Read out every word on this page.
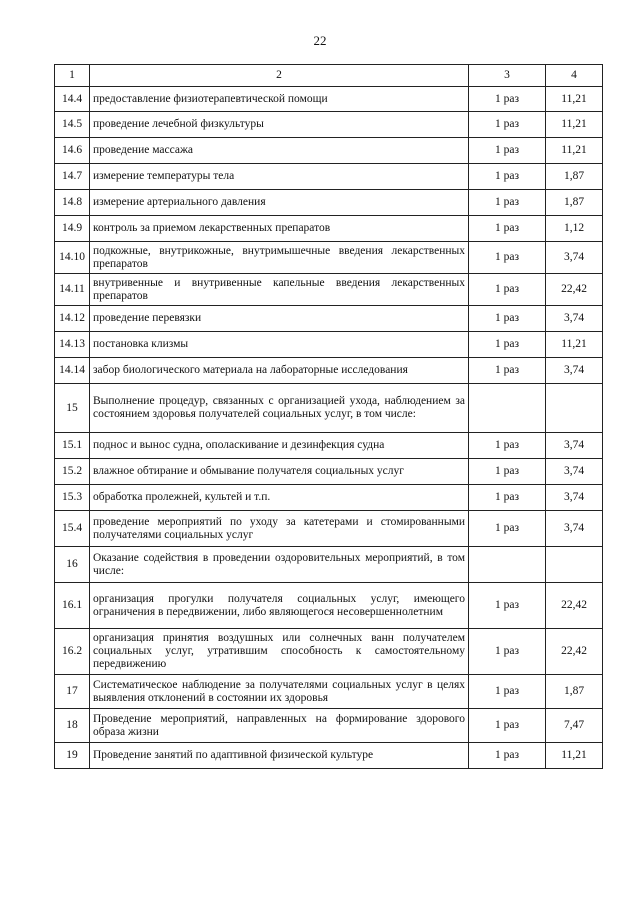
22
1	2	3	4
14.4	предоставление физиотерапевтической помощи	1 раз	11,21
14.5	проведение лечебной физкультуры	1 раз	11,21
14.6	проведение массажа	1 раз	11,21
14.7	измерение температуры тела	1 раз	1,87
14.8	измерение артериального давления	1 раз	1,87
14.9	контроль за приемом лекарственных препаратов	1 раз	1,12
14.10	подкожные, внутрикожные, внутримышечные введения лекарственных препаратов	1 раз	3,74
14.11	внутривенные и внутривенные капельные введения лекарственных препаратов	1 раз	22,42
14.12	проведение перевязки	1 раз	3,74
14.13	постановка клизмы	1 раз	11,21
14.14	забор биологического материала на лабораторные исследования	1 раз	3,74
15	Выполнение процедур, связанных с организацией ухода, наблюдением за состоянием здоровья получателей социальных услуг, в том числе:		
15.1	поднос и вынос судна, ополаскивание и дезинфекция судна	1 раз	3,74
15.2	влажное обтирание и обмывание получателя социальных услуг	1 раз	3,74
15.3	обработка пролежней, культей и т.п.	1 раз	3,74
15.4	проведение мероприятий по уходу за катетерами и стомированными получателями социальных услуг	1 раз	3,74
16	Оказание содействия в проведении оздоровительных мероприятий, в том числе:		
16.1	организация прогулки получателя социальных услуг, имеющего ограничения в передвижении, либо являющегося несовершеннолетним	1 раз	22,42
16.2	организация принятия воздушных или солнечных ванн получателем социальных услуг, утратившим способность к самостоятельному передвижению	1 раз	22,42
17	Систематическое наблюдение за получателями социальных услуг в целях выявления отклонений в состоянии их здоровья	1 раз	1,87
18	Проведение мероприятий, направленных на формирование здорового образа жизни	1 раз	7,47
19	Проведение занятий по адаптивной физической культуре	1 раз	11,21
